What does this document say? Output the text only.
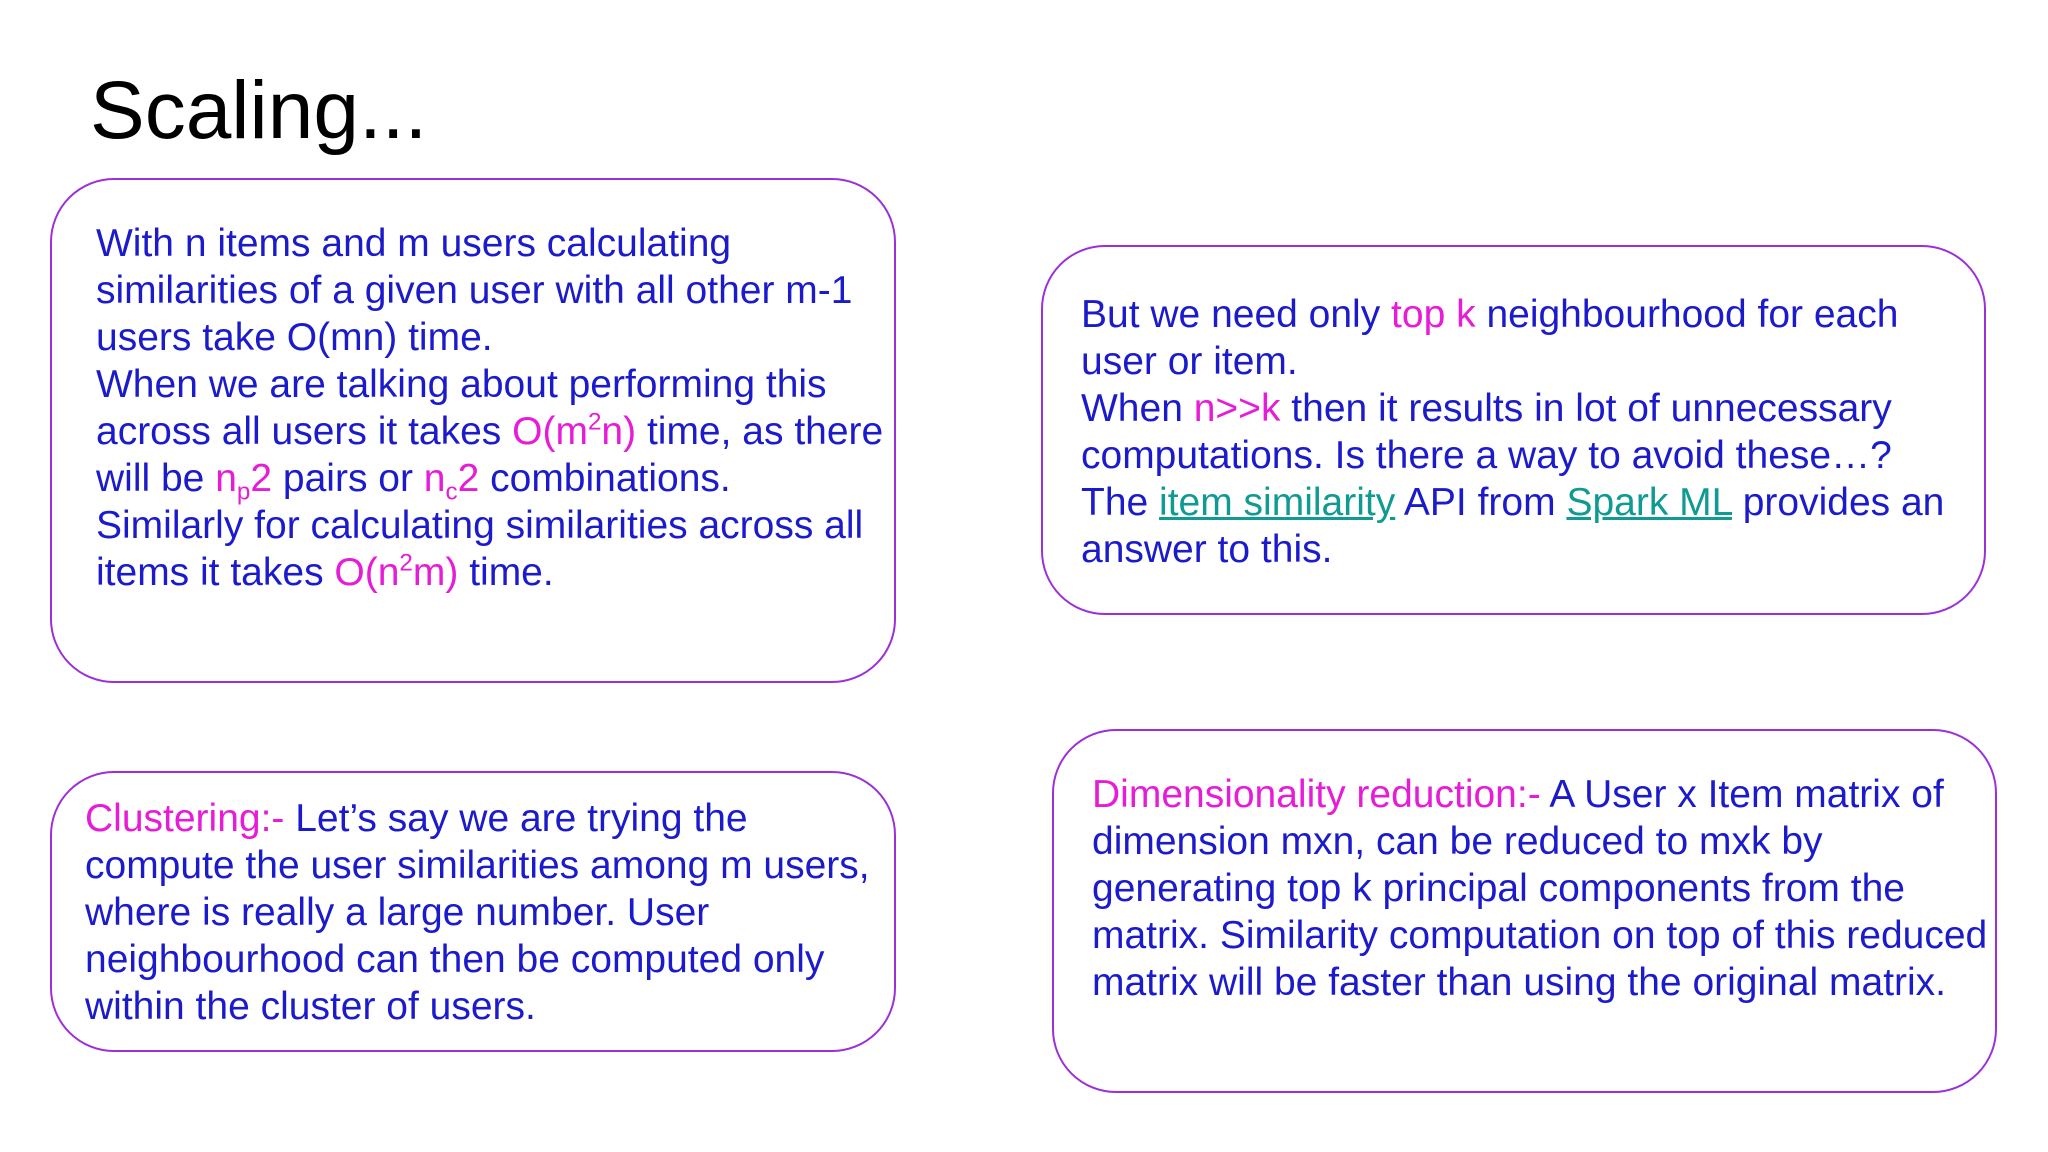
Scaling...

With n items and m users calculating similarities of a given user with all other m-1 users take O(mn) time.

When we are talking about performing this across all users it takes $O(m^2n)$ time, as there will be $n_p2$ pairs or $n_c2$ combinations.

Similarly for calculating similarities across all items it takes $O(n^2m)$ time.

But we need only top k neighbourhood for each user or item.

When n>>k then it results in lot of unnecessary computations. Is there a way to avoid these…?

The item similarity API from Spark ML provides an answer to this.

Clustering:- Let’s say we are trying the compute the user similarities among m users, where is really a large number. User neighbourhood can then be computed only within the cluster of users.

Dimensionality reduction:- A User x Item matrix of dimension mxn, can be reduced to mxk by generating top k principal components from the matrix. Similarity computation on top of this reduced matrix will be faster than using the original matrix.
